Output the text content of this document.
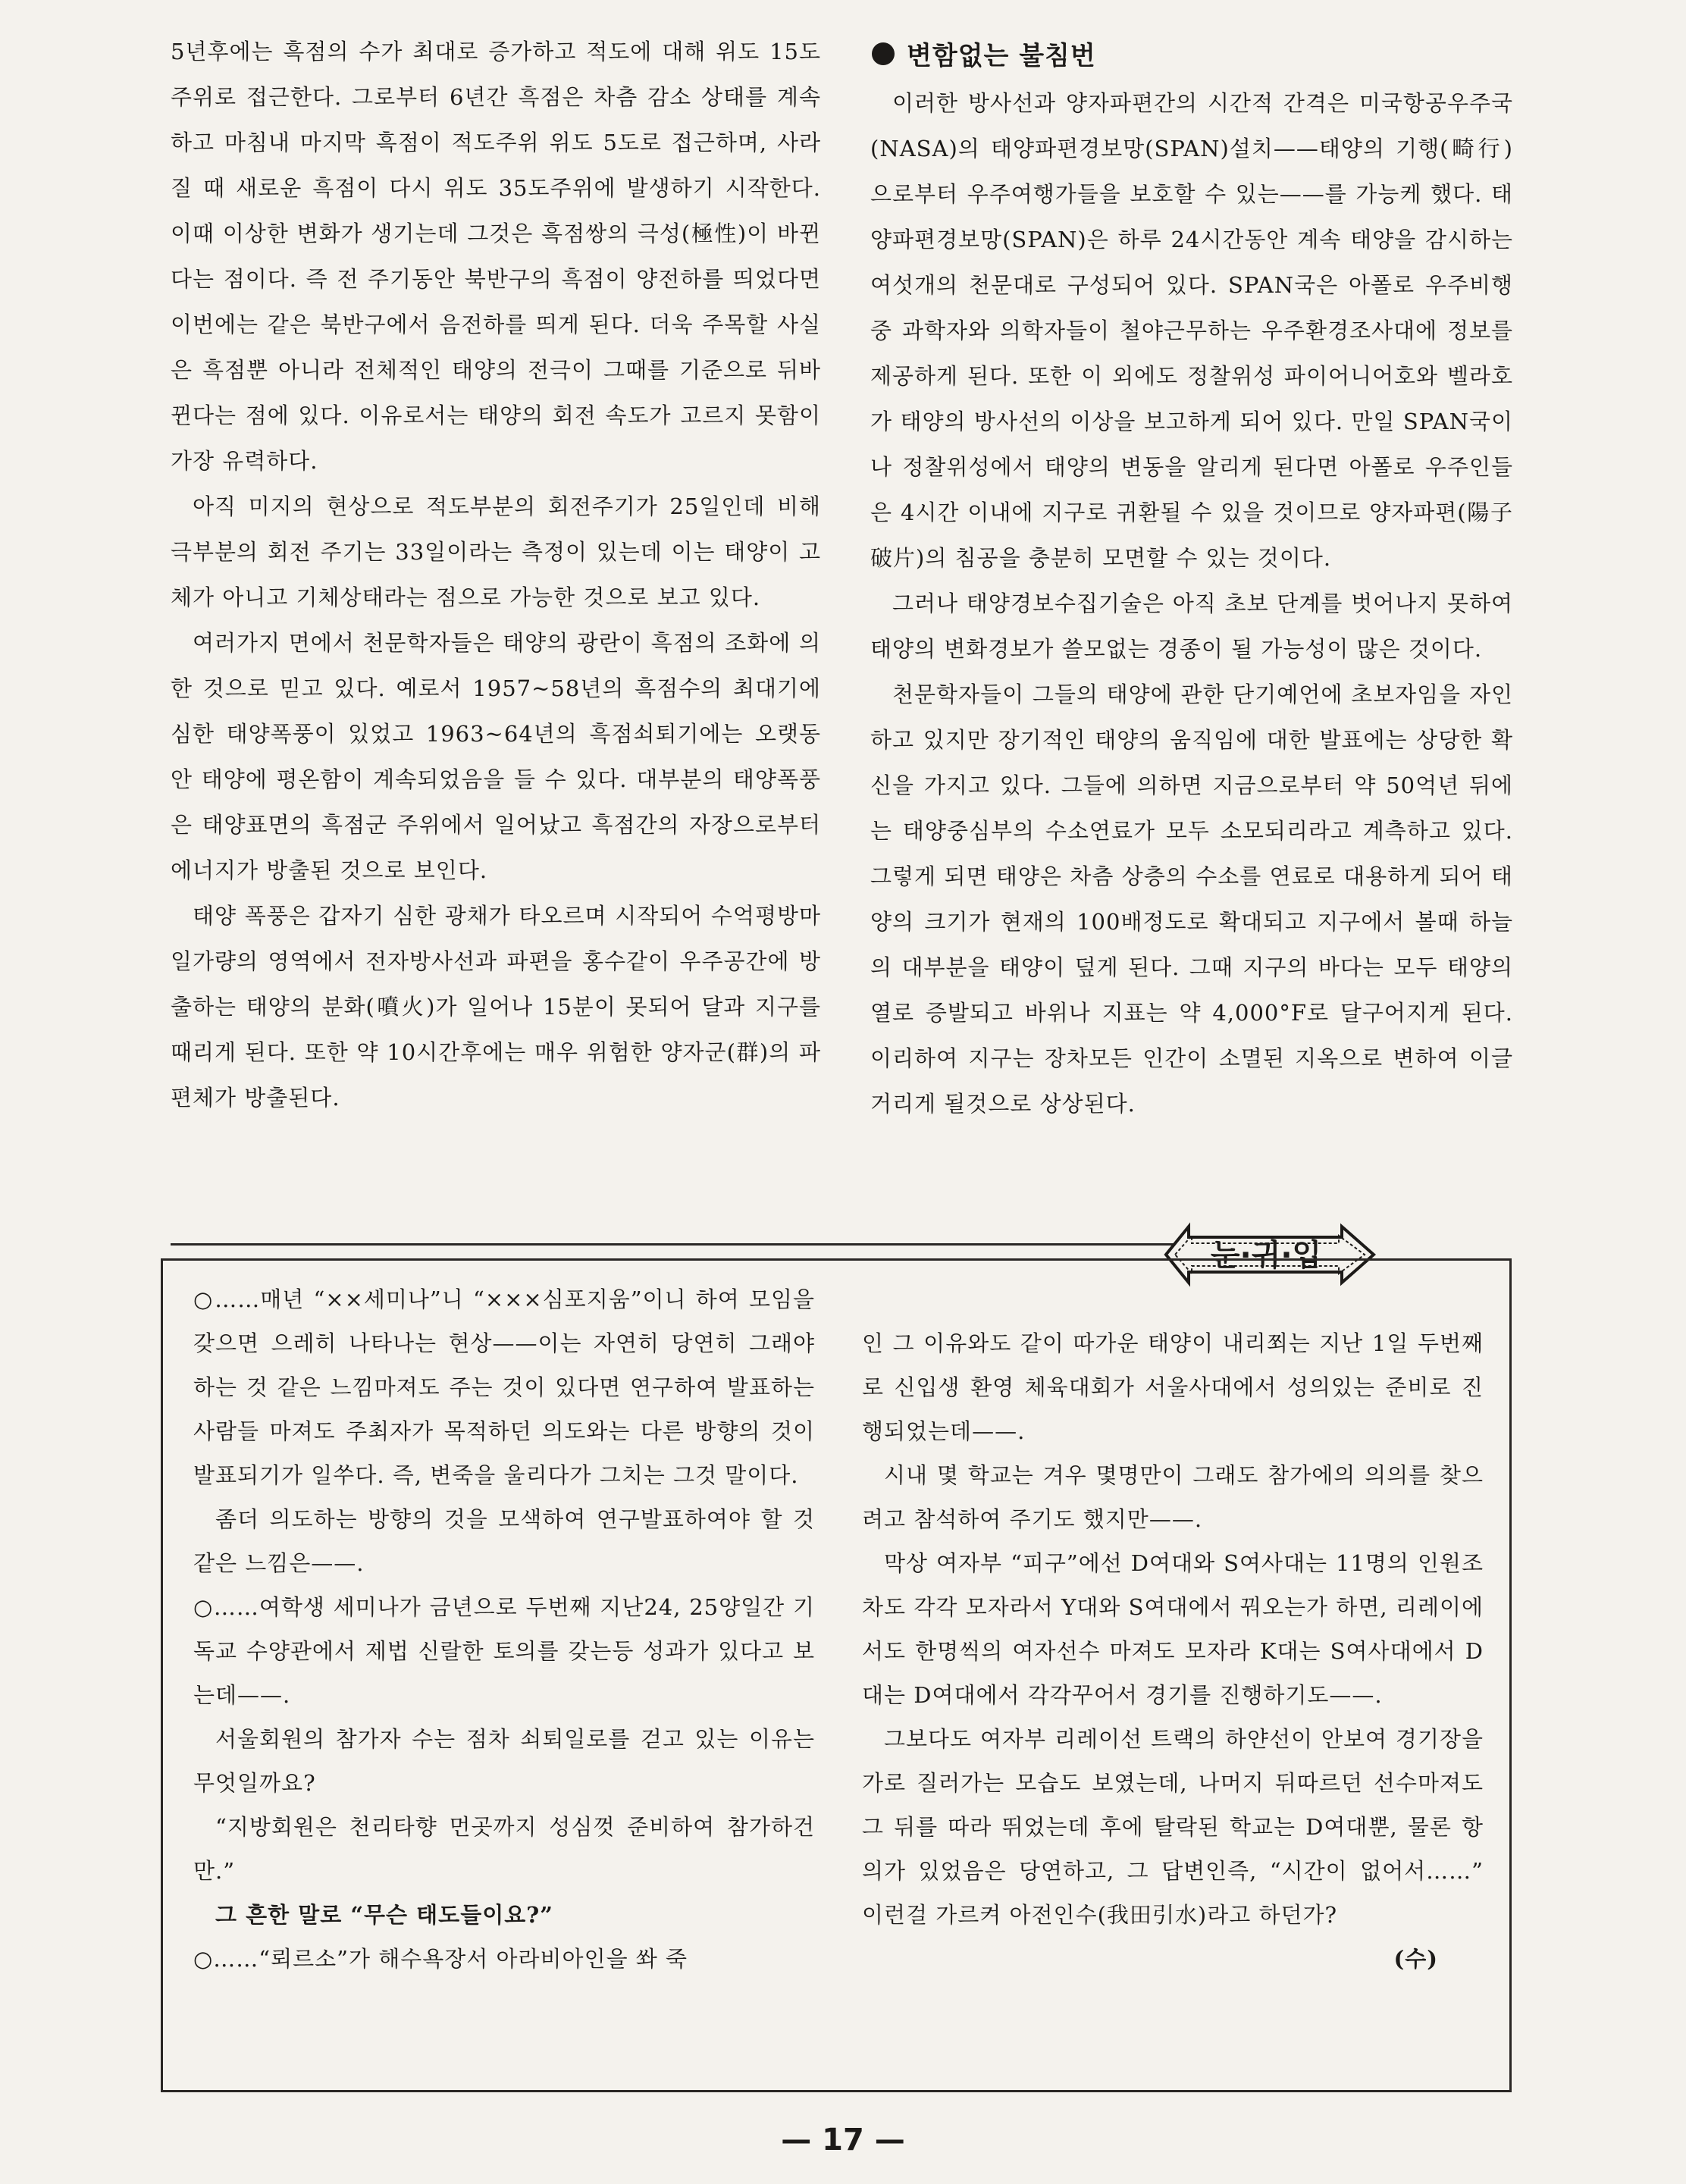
5년후에는 흑점의 수가 최대로 증가하고 적도에 대해 위도 15도 주위로 접근한다. 그로부터 6년간 흑점은 차츰 감소 상태를 계속하고 마침내 마지막 흑점이 적도주위 위도 5도로 접근하며, 사라질 때 새로운 흑점이 다시 위도 35도주위에 발생하기 시작한다. 이때 이상한 변화가 생기는데 그것은 흑점쌍의 극성(極性)이 바뀐다는 점이다. 즉 전 주기동안 북반구의 흑점이 양전하를 띄었다면 이번에는 같은 북반구에서 음전하를 띄게 된다. 더욱 주목할 사실은 흑점뿐 아니라 전체적인 태양의 전극이 그때를 기준으로 뒤바뀐다는 점에 있다. 이유로서는 태양의 회전 속도가 고르지 못함이 가장 유력하다.

아직 미지의 현상으로 적도부분의 회전주기가 25일인데 비해 극부분의 회전 주기는 33일이라는 측정이 있는데 이는 태양이 고체가 아니고 기체상태라는 점으로 가능한 것으로 보고 있다.

여러가지 면에서 천문학자들은 태양의 광란이 흑점의 조화에 의한 것으로 믿고 있다. 예로서 1957~58년의 흑점수의 최대기에 심한 태양폭풍이 있었고 1963~64년의 흑점쇠퇴기에는 오랫동안 태양에 평온함이 계속되었음을 들 수 있다. 대부분의 태양폭풍은 태양표면의 흑점군 주위에서 일어났고 흑점간의 자장으로부터 에너지가 방출된 것으로 보인다.

태양 폭풍은 갑자기 심한 광채가 타오르며 시작되어 수억평방마일가량의 영역에서 전자방사선과 파편을 홍수같이 우주공간에 방출하는 태양의 분화(噴火)가 일어나 15분이 못되어 달과 지구를 때리게 된다. 또한 약 10시간후에는 매우 위험한 양자군(群)의 파편체가 방출된다.

변함없는 불침번

이러한 방사선과 양자파편간의 시간적 간격은 미국항공우주국(NASA)의 태양파편경보망(SPAN)설치——태양의 기행(畸行)으로부터 우주여행가들을 보호할 수 있는——를 가능케 했다. 태양파편경보망(SPAN)은 하루 24시간동안 계속 태양을 감시하는 여섯개의 천문대로 구성되어 있다. SPAN국은 아폴로 우주비행중 과학자와 의학자들이 철야근무하는 우주환경조사대에 정보를 제공하게 된다. 또한 이 외에도 정찰위성 파이어니어호와 벨라호가 태양의 방사선의 이상을 보고하게 되어 있다. 만일 SPAN국이나 정찰위성에서 태양의 변동을 알리게 된다면 아폴로 우주인들은 4시간 이내에 지구로 귀환될 수 있을 것이므로 양자파편(陽子破片)의 침공을 충분히 모면할 수 있는 것이다.

그러나 태양경보수집기술은 아직 초보 단계를 벗어나지 못하여 태양의 변화경보가 쓸모없는 경종이 될 가능성이 많은 것이다.

천문학자들이 그들의 태양에 관한 단기예언에 초보자임을 자인하고 있지만 장기적인 태양의 움직임에 대한 발표에는 상당한 확신을 가지고 있다. 그들에 의하면 지금으로부터 약 50억년 뒤에는 태양중심부의 수소연료가 모두 소모되리라고 계측하고 있다. 그렇게 되면 태양은 차츰 상층의 수소를 연료로 대용하게 되어 태양의 크기가 현재의 100배정도로 확대되고 지구에서 볼때 하늘의 대부분을 태양이 덮게 된다. 그때 지구의 바다는 모두 태양의 열로 증발되고 바위나 지표는 약 4,000°F로 달구어지게 된다. 이리하여 지구는 장차모든 인간이 소멸된 지옥으로 변하여 이글거리게 될것으로 상상된다.

눈·귀·입

○……매년 “××세미나”니 “×××심포지움”이니 하여 모임을 갖으면 으레히 나타나는 현상——이는 자연히 당연히 그래야 하는 것 같은 느낌마져도 주는 것이 있다면 연구하여 발표하는 사람들 마져도 주최자가 목적하던 의도와는 다른 방향의 것이 발표되기가 일쑤다. 즉, 변죽을 울리다가 그치는 그것 말이다.

좀더 의도하는 방향의 것을 모색하여 연구발표하여야 할 것 같은 느낌은——.

○……여학생 세미나가 금년으로 두번째 지난24, 25양일간 기독교 수양관에서 제법 신랄한 토의를 갖는등 성과가 있다고 보는데——.

서울회원의 참가자 수는 점차 쇠퇴일로를 걷고 있는 이유는 무엇일까요?

“지방회원은 천리타향 먼곳까지 성심껏 준비하여 참가하건만.”

그 흔한 말로 “무슨 태도들이요?”

○……“뢰르소”가 해수욕장서 아라비아인을 쏴 죽

인 그 이유와도 같이 따가운 태양이 내리쬐는 지난 1일 두번째로 신입생 환영 체육대회가 서울사대에서 성의있는 준비로 진행되었는데——.

시내 몇 학교는 겨우 몇명만이 그래도 참가에의 의의를 찾으려고 참석하여 주기도 했지만——.

막상 여자부 “피구”에선 D여대와 S여사대는 11명의 인원조차도 각각 모자라서 Y대와 S여대에서 꿔오는가 하면, 리레이에서도 한명씩의 여자선수 마져도 모자라 K대는 S여사대에서 D대는 D여대에서 각각꾸어서 경기를 진행하기도——.

그보다도 여자부 리레이선 트랙의 하얀선이 안보여 경기장을 가로 질러가는 모습도 보였는데, 나머지 뒤따르던 선수마져도 그 뒤를 따라 뛰었는데 후에 탈락된 학교는 D여대뿐, 물론 항의가 있었음은 당연하고, 그 답변인즉, “시간이 없어서……” 이런걸 가르켜 아전인수(我田引水)라고 하던가?

(수)

— 17 —
